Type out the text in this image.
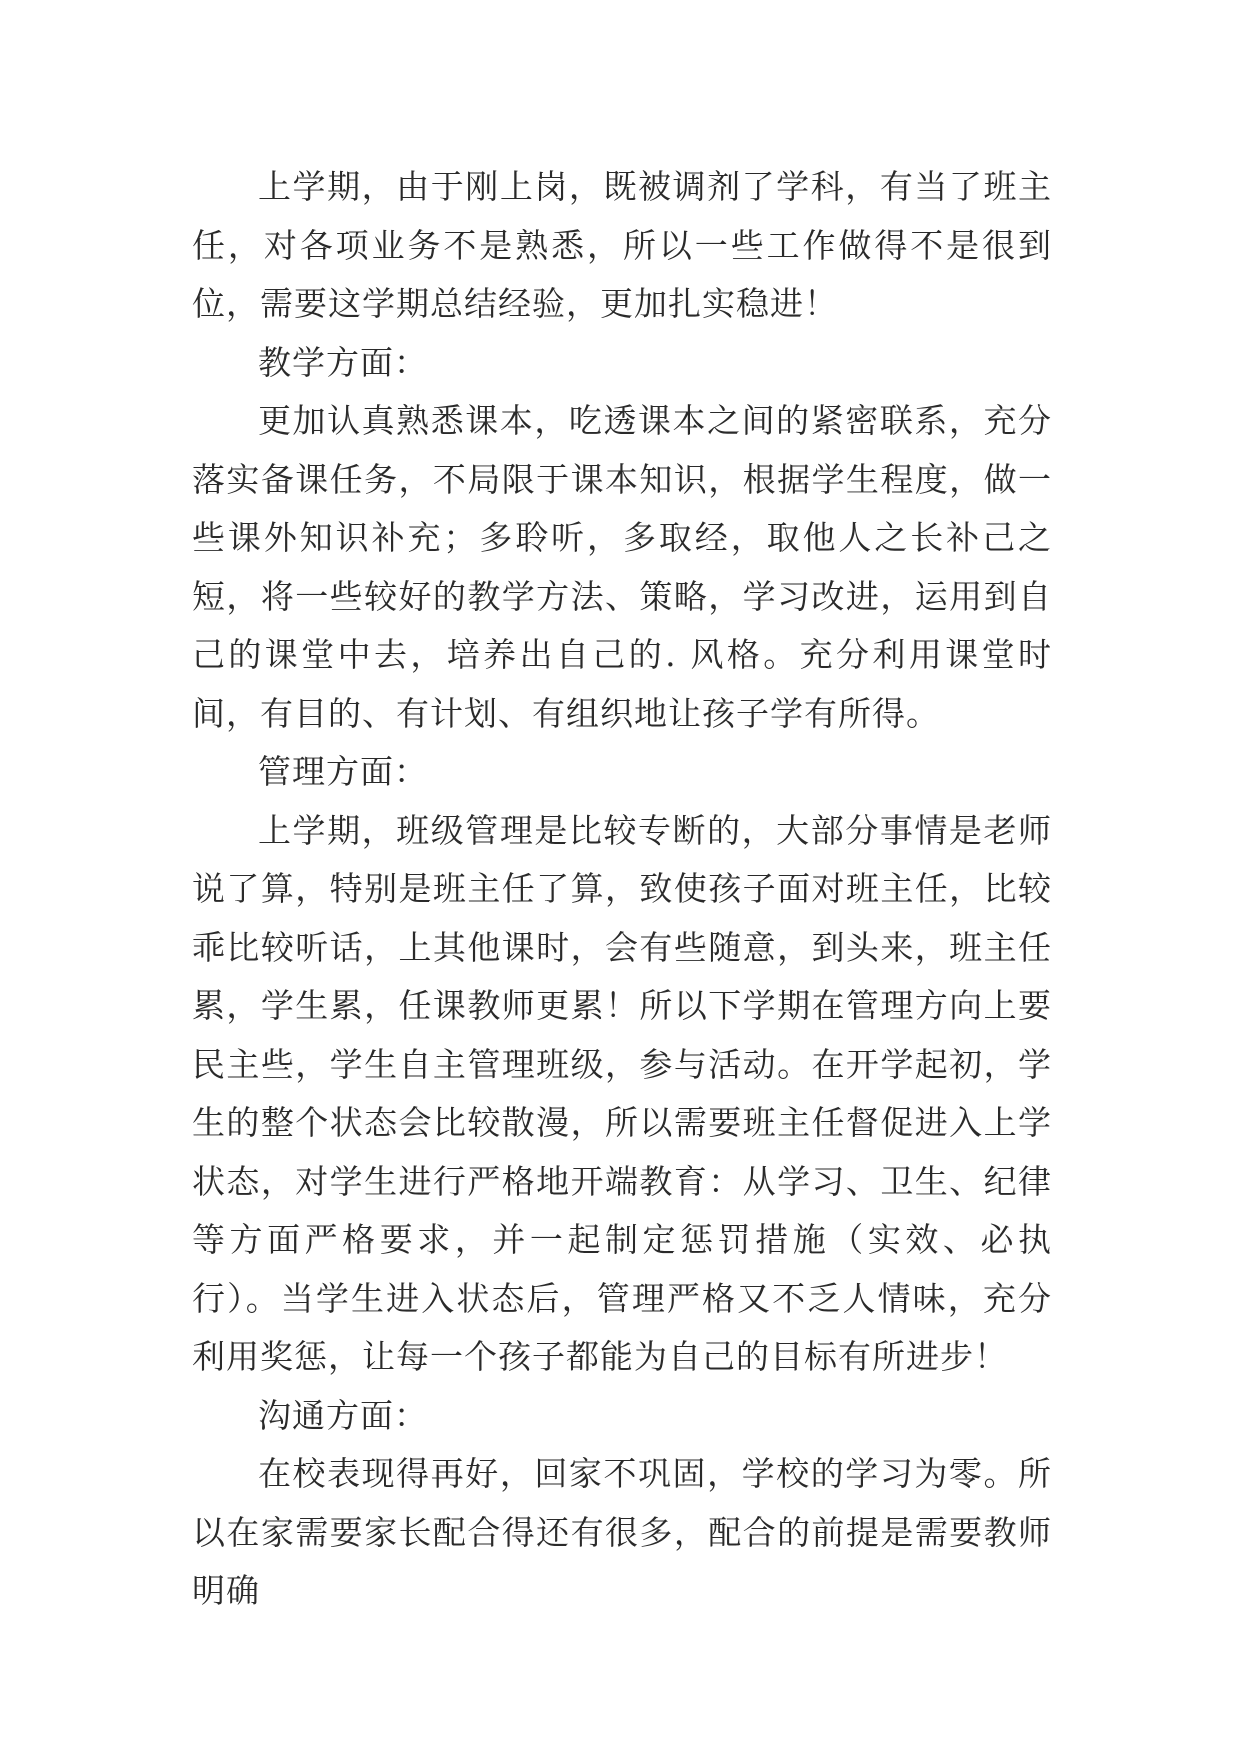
上学期，由于刚上岗，既被调剂了学科，有当了班主任，对各项业务不是熟悉，所以一些工作做得不是很到位，需要这学期总结经验，更加扎实稳进！

教学方面：

更加认真熟悉课本，吃透课本之间的紧密联系，充分落实备课任务，不局限于课本知识，根据学生程度，做一些课外知识补充；多聆听，多取经，取他人之长补己之短，将一些较好的教学方法、策略，学习改进，运用到自己的课堂中去，培养出自己的. 风格。充分利用课堂时间，有目的、有计划、有组织地让孩子学有所得。

管理方面：

上学期，班级管理是比较专断的，大部分事情是老师说了算，特别是班主任了算，致使孩子面对班主任，比较乖比较听话，上其他课时，会有些随意，到头来，班主任累，学生累，任课教师更累！所以下学期在管理方向上要民主些，学生自主管理班级，参与活动。在开学起初，学生的整个状态会比较散漫，所以需要班主任督促进入上学状态，对学生进行严格地开端教育：从学习、卫生、纪律等方面严格要求，并一起制定惩罚措施（实效、必执行）。当学生进入状态后，管理严格又不乏人情味，充分利用奖惩，让每一个孩子都能为自己的目标有所进步！

沟通方面：

在校表现得再好，回家不巩固，学校的学习为零。所以在家需要家长配合得还有很多，配合的前提是需要教师明确
